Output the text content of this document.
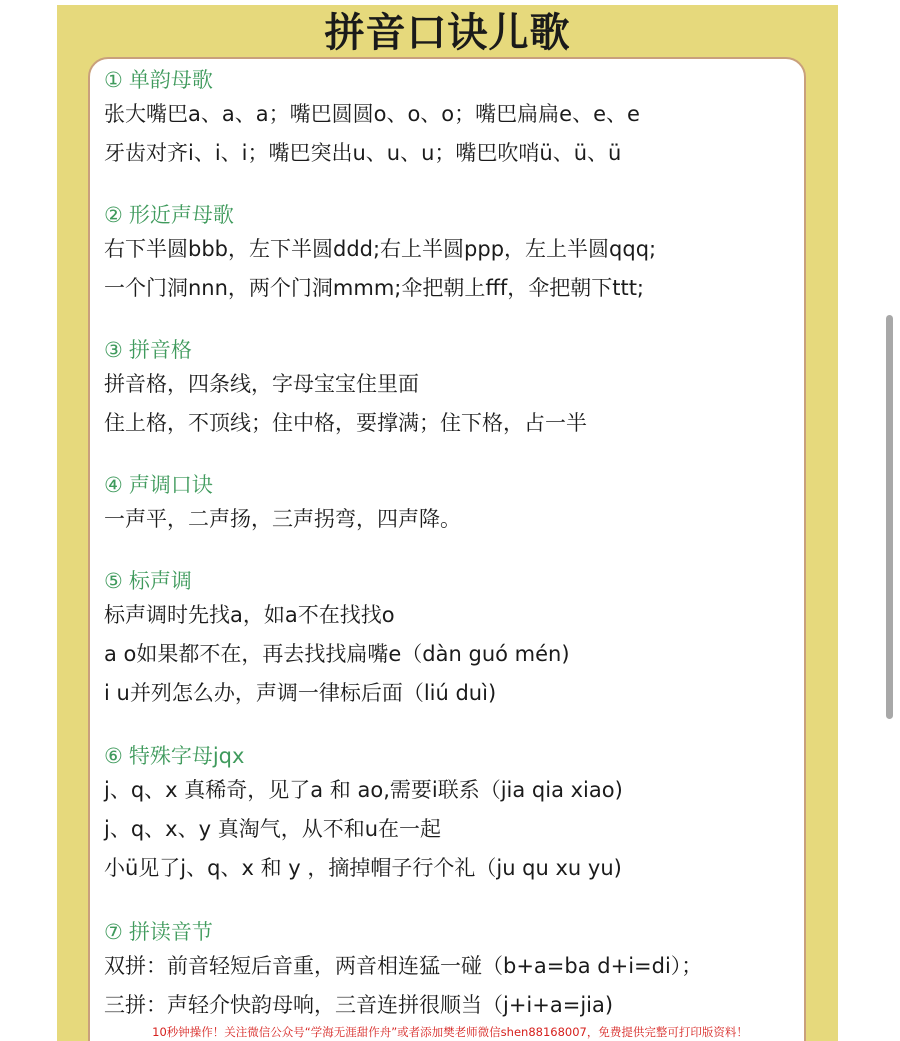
拼音口诀儿歌
① 单韵母歌
张大嘴巴a、a、a；嘴巴圆圆o、o、o；嘴巴扁扁e、e、e
牙齿对齐i、i、i；嘴巴突出u、u、u；嘴巴吹哨ü、ü、ü
② 形近声母歌
右下半圆bbb，左下半圆ddd;右上半圆ppp，左上半圆qqq;
一个门洞nnn，两个门洞mmm;伞把朝上fff，伞把朝下ttt;
③ 拼音格
拼音格，四条线，字母宝宝住里面
住上格，不顶线；住中格，要撑满；住下格，占一半
④ 声调口诀
一声平，二声扬，三声拐弯，四声降。
⑤ 标声调
标声调时先找a，如a不在找找o
a o如果都不在，再去找找扁嘴e（dàn guó mén)
i u并列怎么办，声调一律标后面（liú duì)
⑥ 特殊字母jqx
j、q、x 真稀奇，见了a 和 ao,需要i联系（jia qia xiao)
j、q、x、y 真淘气，从不和u在一起
小ü见了j、q、x 和 y ，摘掉帽子行个礼（ju qu xu yu)
⑦ 拼读音节
双拼：前音轻短后音重，两音相连猛一碰（b+a=ba d+i=di）；
三拼：声轻介快韵母响，三音连拼很顺当（j+i+a=jia)
10秒钟操作！关注微信公众号“学海无涯甜作舟”或者添加樊老师微信shen88168007，免费提供完整可打印版资料！
